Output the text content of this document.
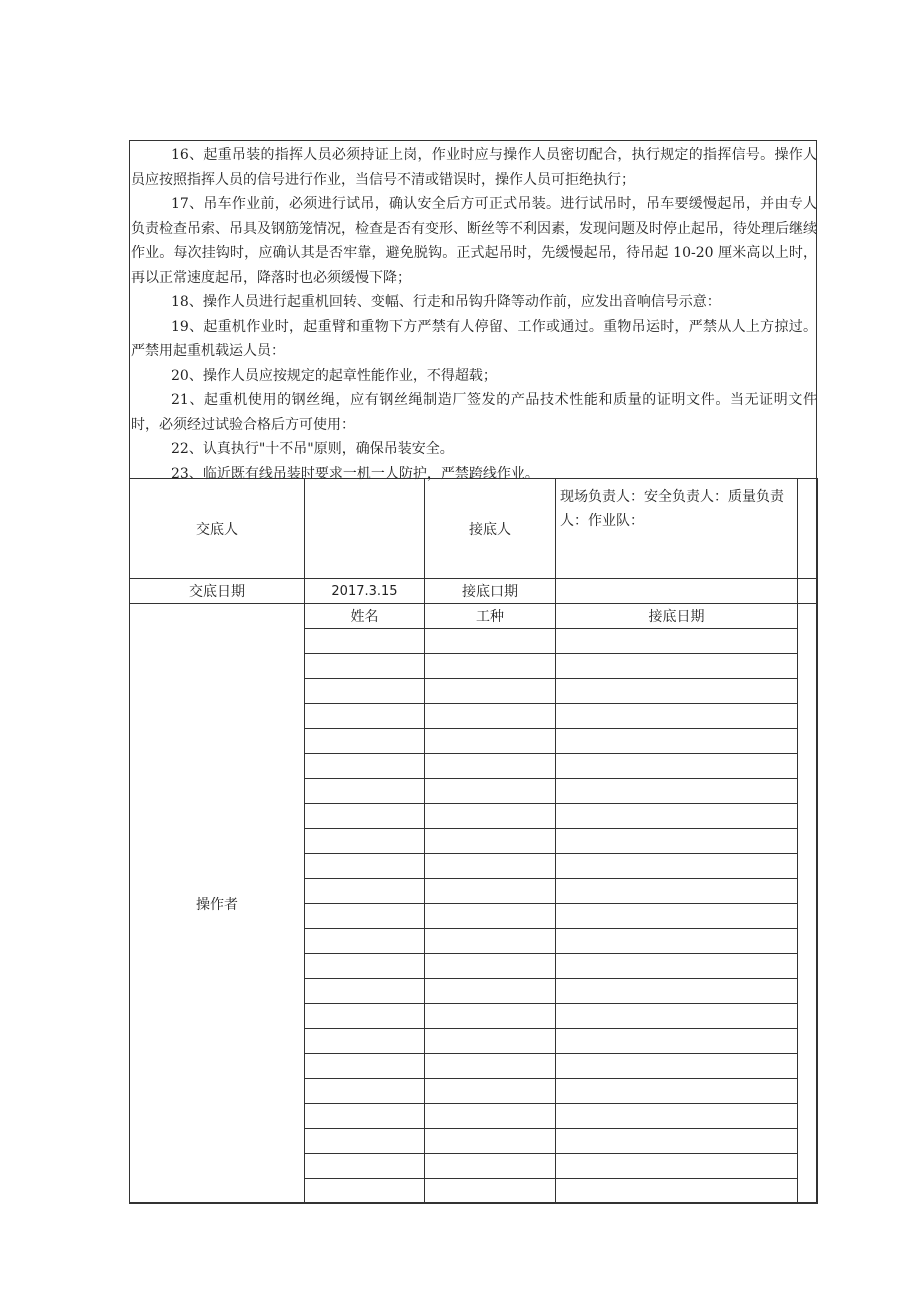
16、起重吊装的指挥人员必须持证上岗，作业时应与操作人员密切配合，执行规定的指挥信号。操作人员应按照指挥人员的信号进行作业，当信号不清或错误时，操作人员可拒绝执行；

17、吊车作业前，必须进行试吊，确认安全后方可正式吊装。进行试吊时，吊车要缓慢起吊，并由专人负责检查吊索、吊具及钢筋笼情况，检查是否有变形、断丝等不利因素，发现问题及时停止起吊，待处理后继续作业。每次挂钩时，应确认其是否牢靠，避免脱钩。正式起吊时，先缓慢起吊，待吊起 10-20 厘米高以上时，再以正常速度起吊，降落时也必须缓慢下降；

18、操作人员进行起重机回转、变幅、行走和吊钩升降等动作前，应发出音响信号示意：

19、起重机作业时，起重臂和重物下方严禁有人停留、工作或通过。重物吊运时，严禁从人上方掠过。严禁用起重机载运人员：

20、操作人员应按规定的起章性能作业，不得超载；

21、起重机使用的钢丝绳，应有钢丝绳制造厂签发的产品技术性能和质量的证明文件。当无证明文件时，必须经过试验合格后方可使用：

22、认真执行"十不吊"原则，确保吊装安全。

23、临近既有线吊装时要求一机一人防护，严禁跨线作业。

交底人		接底人	现场负责人：安全负责人：质量负责人：作业队：	
交底日期	2017.3.15	接底口期		
操作者	姓名	工种	接底日期	
